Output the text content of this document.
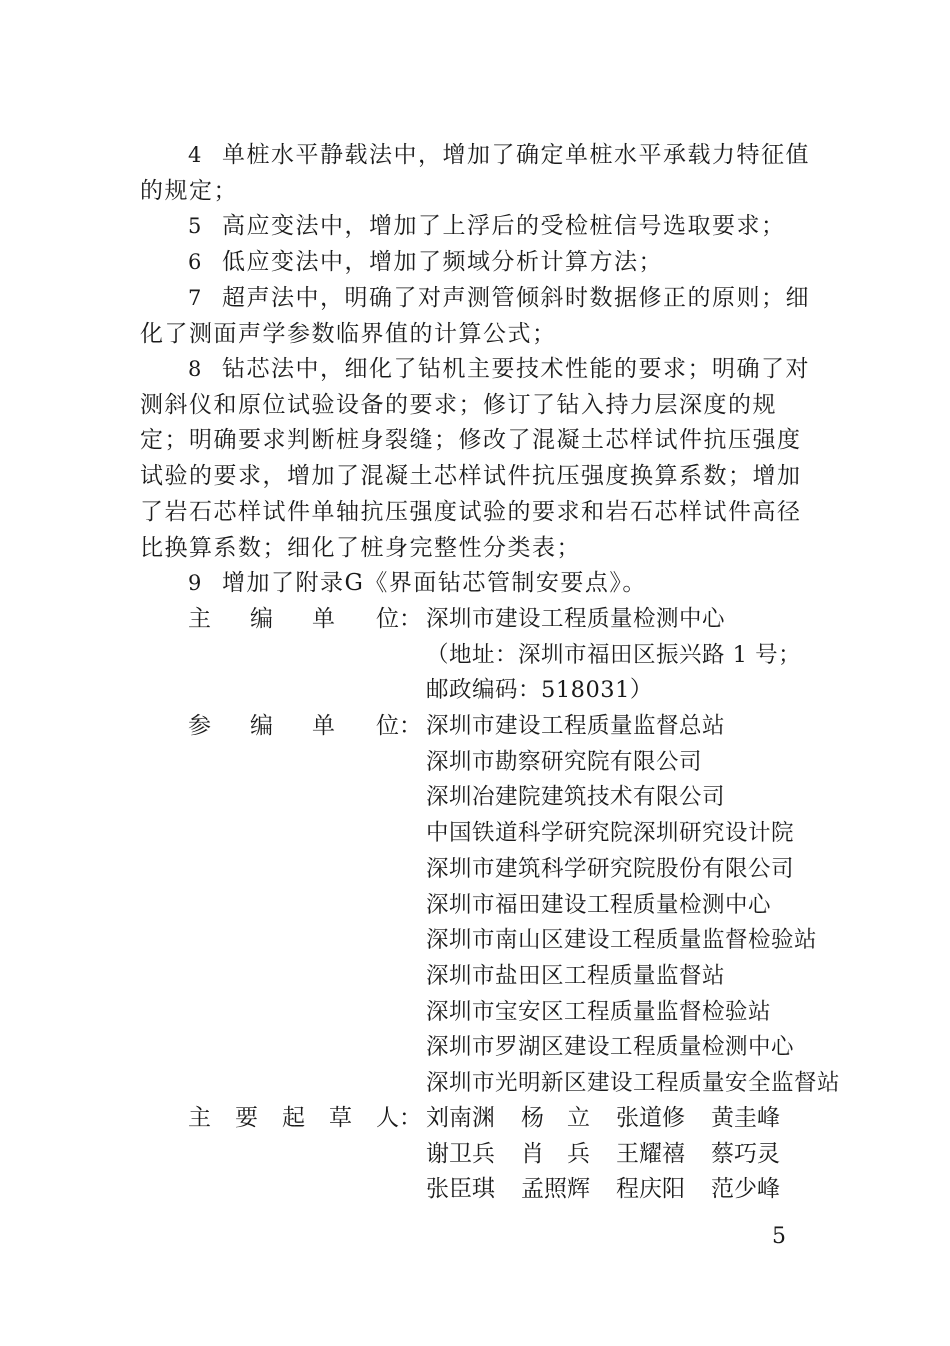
4 单桩水平静载法中，增加了确定单桩水平承载力特征值的规定；

5 高应变法中，增加了上浮后的受检桩信号选取要求；

6 低应变法中，增加了频域分析计算方法；

7 超声法中，明确了对声测管倾斜时数据修正的原则；细化了测面声学参数临界值的计算公式；

8 钻芯法中，细化了钻机主要技术性能的要求；明确了对测斜仪和原位试验设备的要求；修订了钻入持力层深度的规定；明确要求判断桩身裂缝；修改了混凝土芯样试件抗压强度试验的要求，增加了混凝土芯样试件抗压强度换算系数；增加了岩石芯样试件单轴抗压强度试验的要求和岩石芯样试件高径比换算系数；细化了桩身完整性分类表；

9 增加了附录G《界面钻芯管制安要点》。

主 编 单 位： 深圳市建设工程质量检测中心
（地址：深圳市福田区振兴路 1 号；
邮政编码：518031）
参 编 单 位： 深圳市建设工程质量监督总站
深圳市勘察研究院有限公司
深圳冶建院建筑技术有限公司
中国铁道科学研究院深圳研究设计院
深圳市建筑科学研究院股份有限公司
深圳市福田建设工程质量检测中心
深圳市南山区建设工程质量监督检验站
深圳市盐田区工程质量监督站
深圳市宝安区工程质量监督检验站
深圳市罗湖区建设工程质量检测中心
深圳市光明新区建设工程质量安全监督站
主 要 起 草 人： 刘南渊	杨　立	张道修	黄圭峰
谢卫兵	肖　兵	王耀禧	蔡巧灵
张臣琪	孟照辉	程庆阳	范少峰
5
